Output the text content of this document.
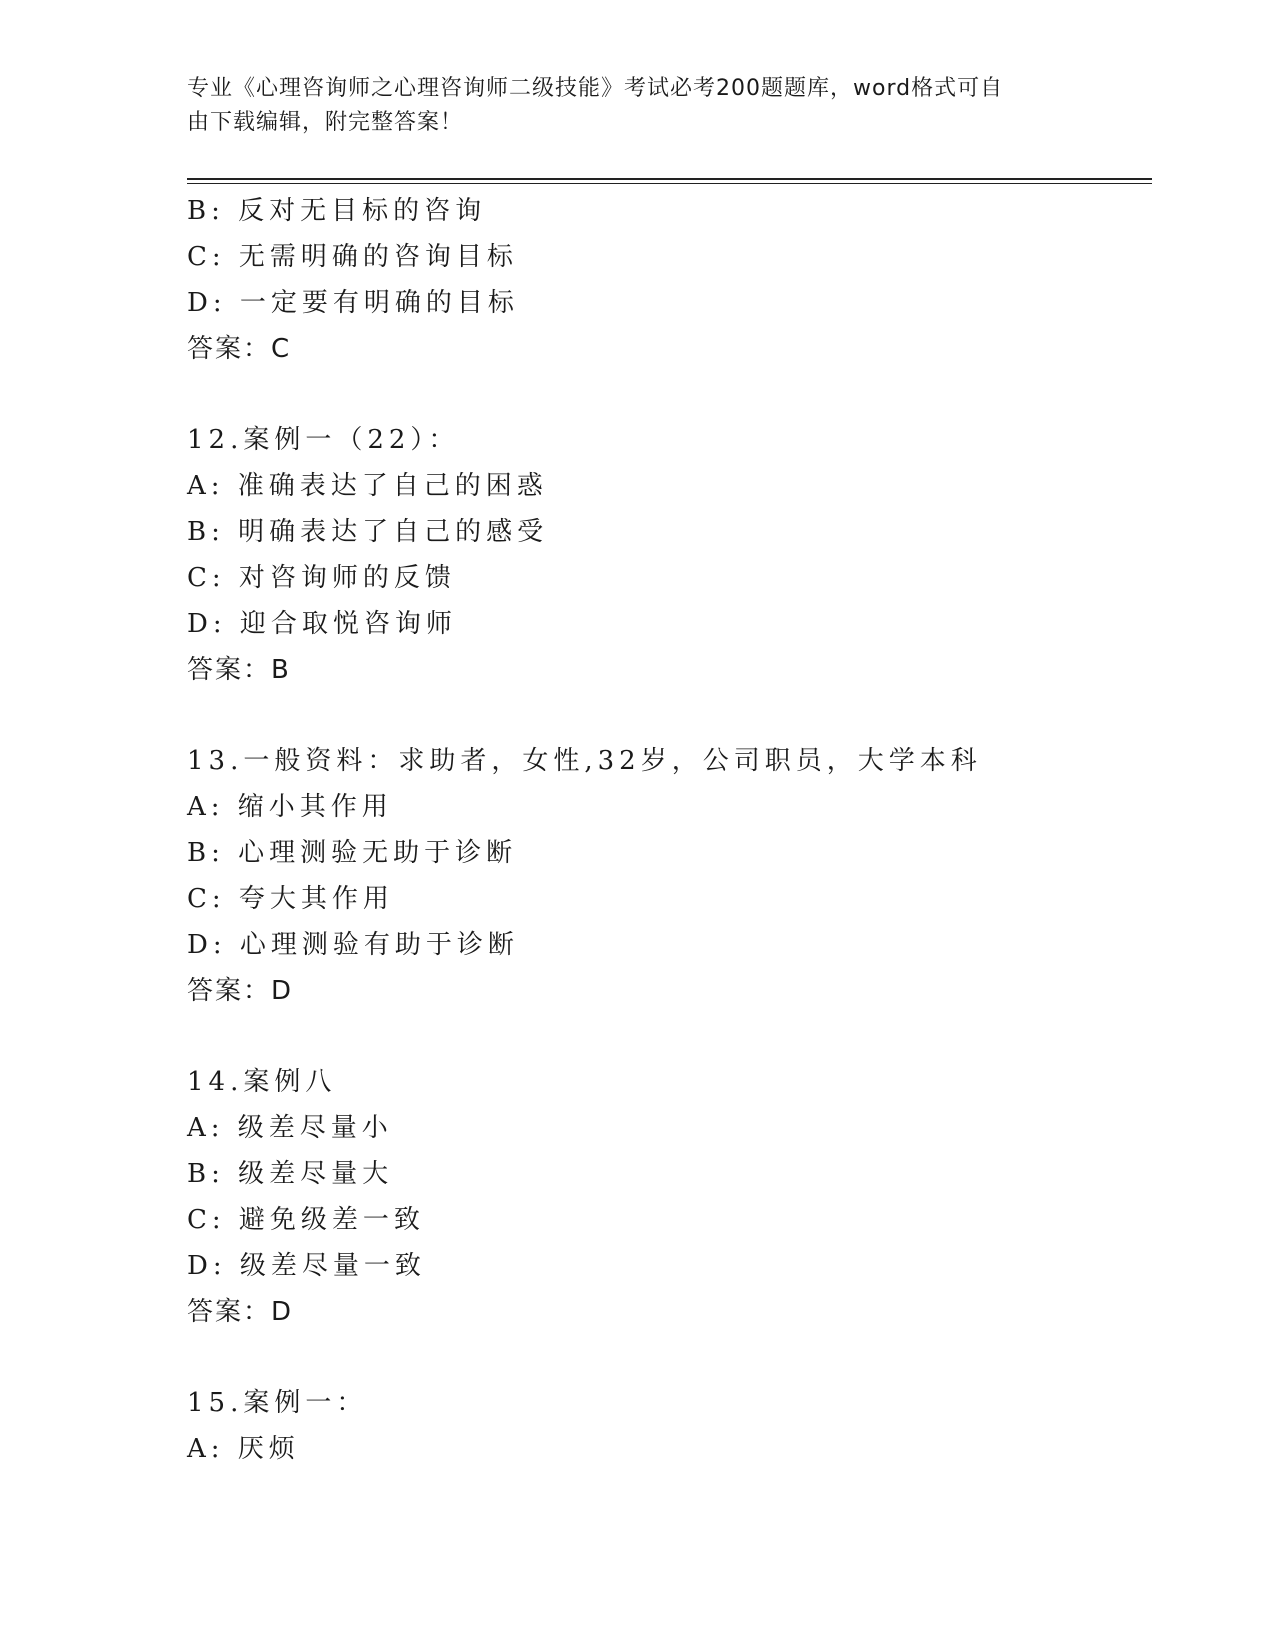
专业《心理咨询师之心理咨询师二级技能》考试必考200题题库，word格式可自
由下载编辑，附完整答案！
B: 反对无目标的咨询
C: 无需明确的咨询目标
D: 一定要有明确的目标
答案：C
12.案例一（22）：
A: 准确表达了自己的困惑
B: 明确表达了自己的感受
C: 对咨询师的反馈
D: 迎合取悦咨询师
答案：B
13.一般资料：求助者，女性,32岁，公司职员，大学本科
A: 缩小其作用
B: 心理测验无助于诊断
C: 夸大其作用
D: 心理测验有助于诊断
答案：D
14.案例八
A: 级差尽量小
B: 级差尽量大
C: 避免级差一致
D: 级差尽量一致
答案：D
15.案例一：
A: 厌烦
